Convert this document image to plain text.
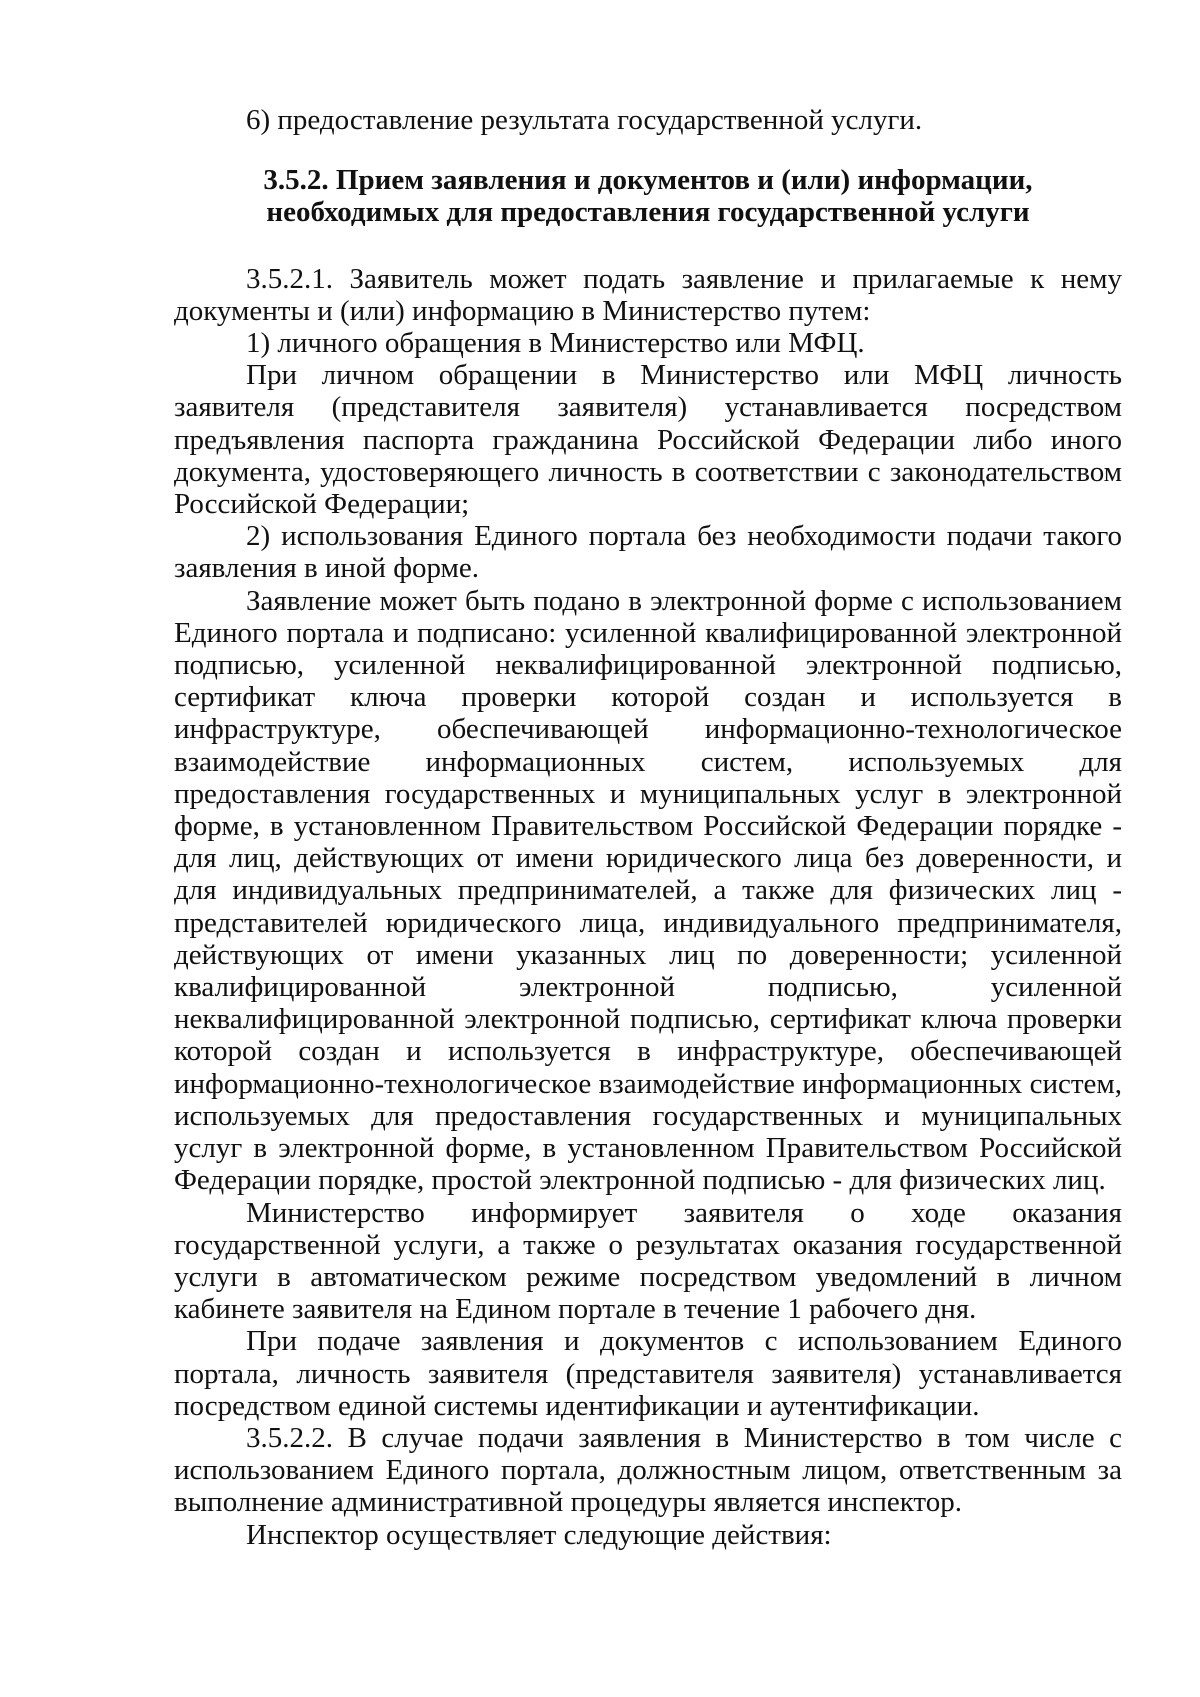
6) предоставление результата государственной услуги.

3.5.2. Прием заявления и документов и (или) информации, необходимых для предоставления государственной услуги

3.5.2.1. Заявитель может подать заявление и прилагаемые к нему документы и (или) информацию в Министерство путем:

1) личного обращения в Министерство или МФЦ.

При личном обращении в Министерство или МФЦ личность заявителя (представителя заявителя) устанавливается посредством предъявления паспорта гражданина Российской Федерации либо иного документа, удостоверяющего личность в соответствии с законодательством Российской Федерации;

2) использования Единого портала без необходимости подачи такого заявления в иной форме.

Заявление может быть подано в электронной форме с использованием Единого портала и подписано: усиленной квалифицированной электронной подписью, усиленной неквалифицированной электронной подписью, сертификат ключа проверки которой создан и используется в инфраструктуре, обеспечивающей информационно-технологическое взаимодействие информационных систем, используемых для предоставления государственных и муниципальных услуг в электронной форме, в установленном Правительством Российской Федерации порядке - для лиц, действующих от имени юридического лица без доверенности, и для индивидуальных предпринимателей, а также для физических лиц - представителей юридического лица, индивидуального предпринимателя, действующих от имени указанных лиц по доверенности; усиленной квалифицированной электронной подписью, усиленной неквалифицированной электронной подписью, сертификат ключа проверки которой создан и используется в инфраструктуре, обеспечивающей информационно-технологическое взаимодействие информационных систем, используемых для предоставления государственных и муниципальных услуг в электронной форме, в установленном Правительством Российской Федерации порядке, простой электронной подписью - для физических лиц.

Министерство информирует заявителя о ходе оказания государственной услуги, а также о результатах оказания государственной услуги в автоматическом режиме посредством уведомлений в личном кабинете заявителя на Едином портале в течение 1 рабочего дня.

При подаче заявления и документов с использованием Единого портала, личность заявителя (представителя заявителя) устанавливается посредством единой системы идентификации и аутентификации.

3.5.2.2. В случае подачи заявления в Министерство в том числе с использованием Единого портала, должностным лицом, ответственным за выполнение административной процедуры является инспектор.

Инспектор осуществляет следующие действия:
